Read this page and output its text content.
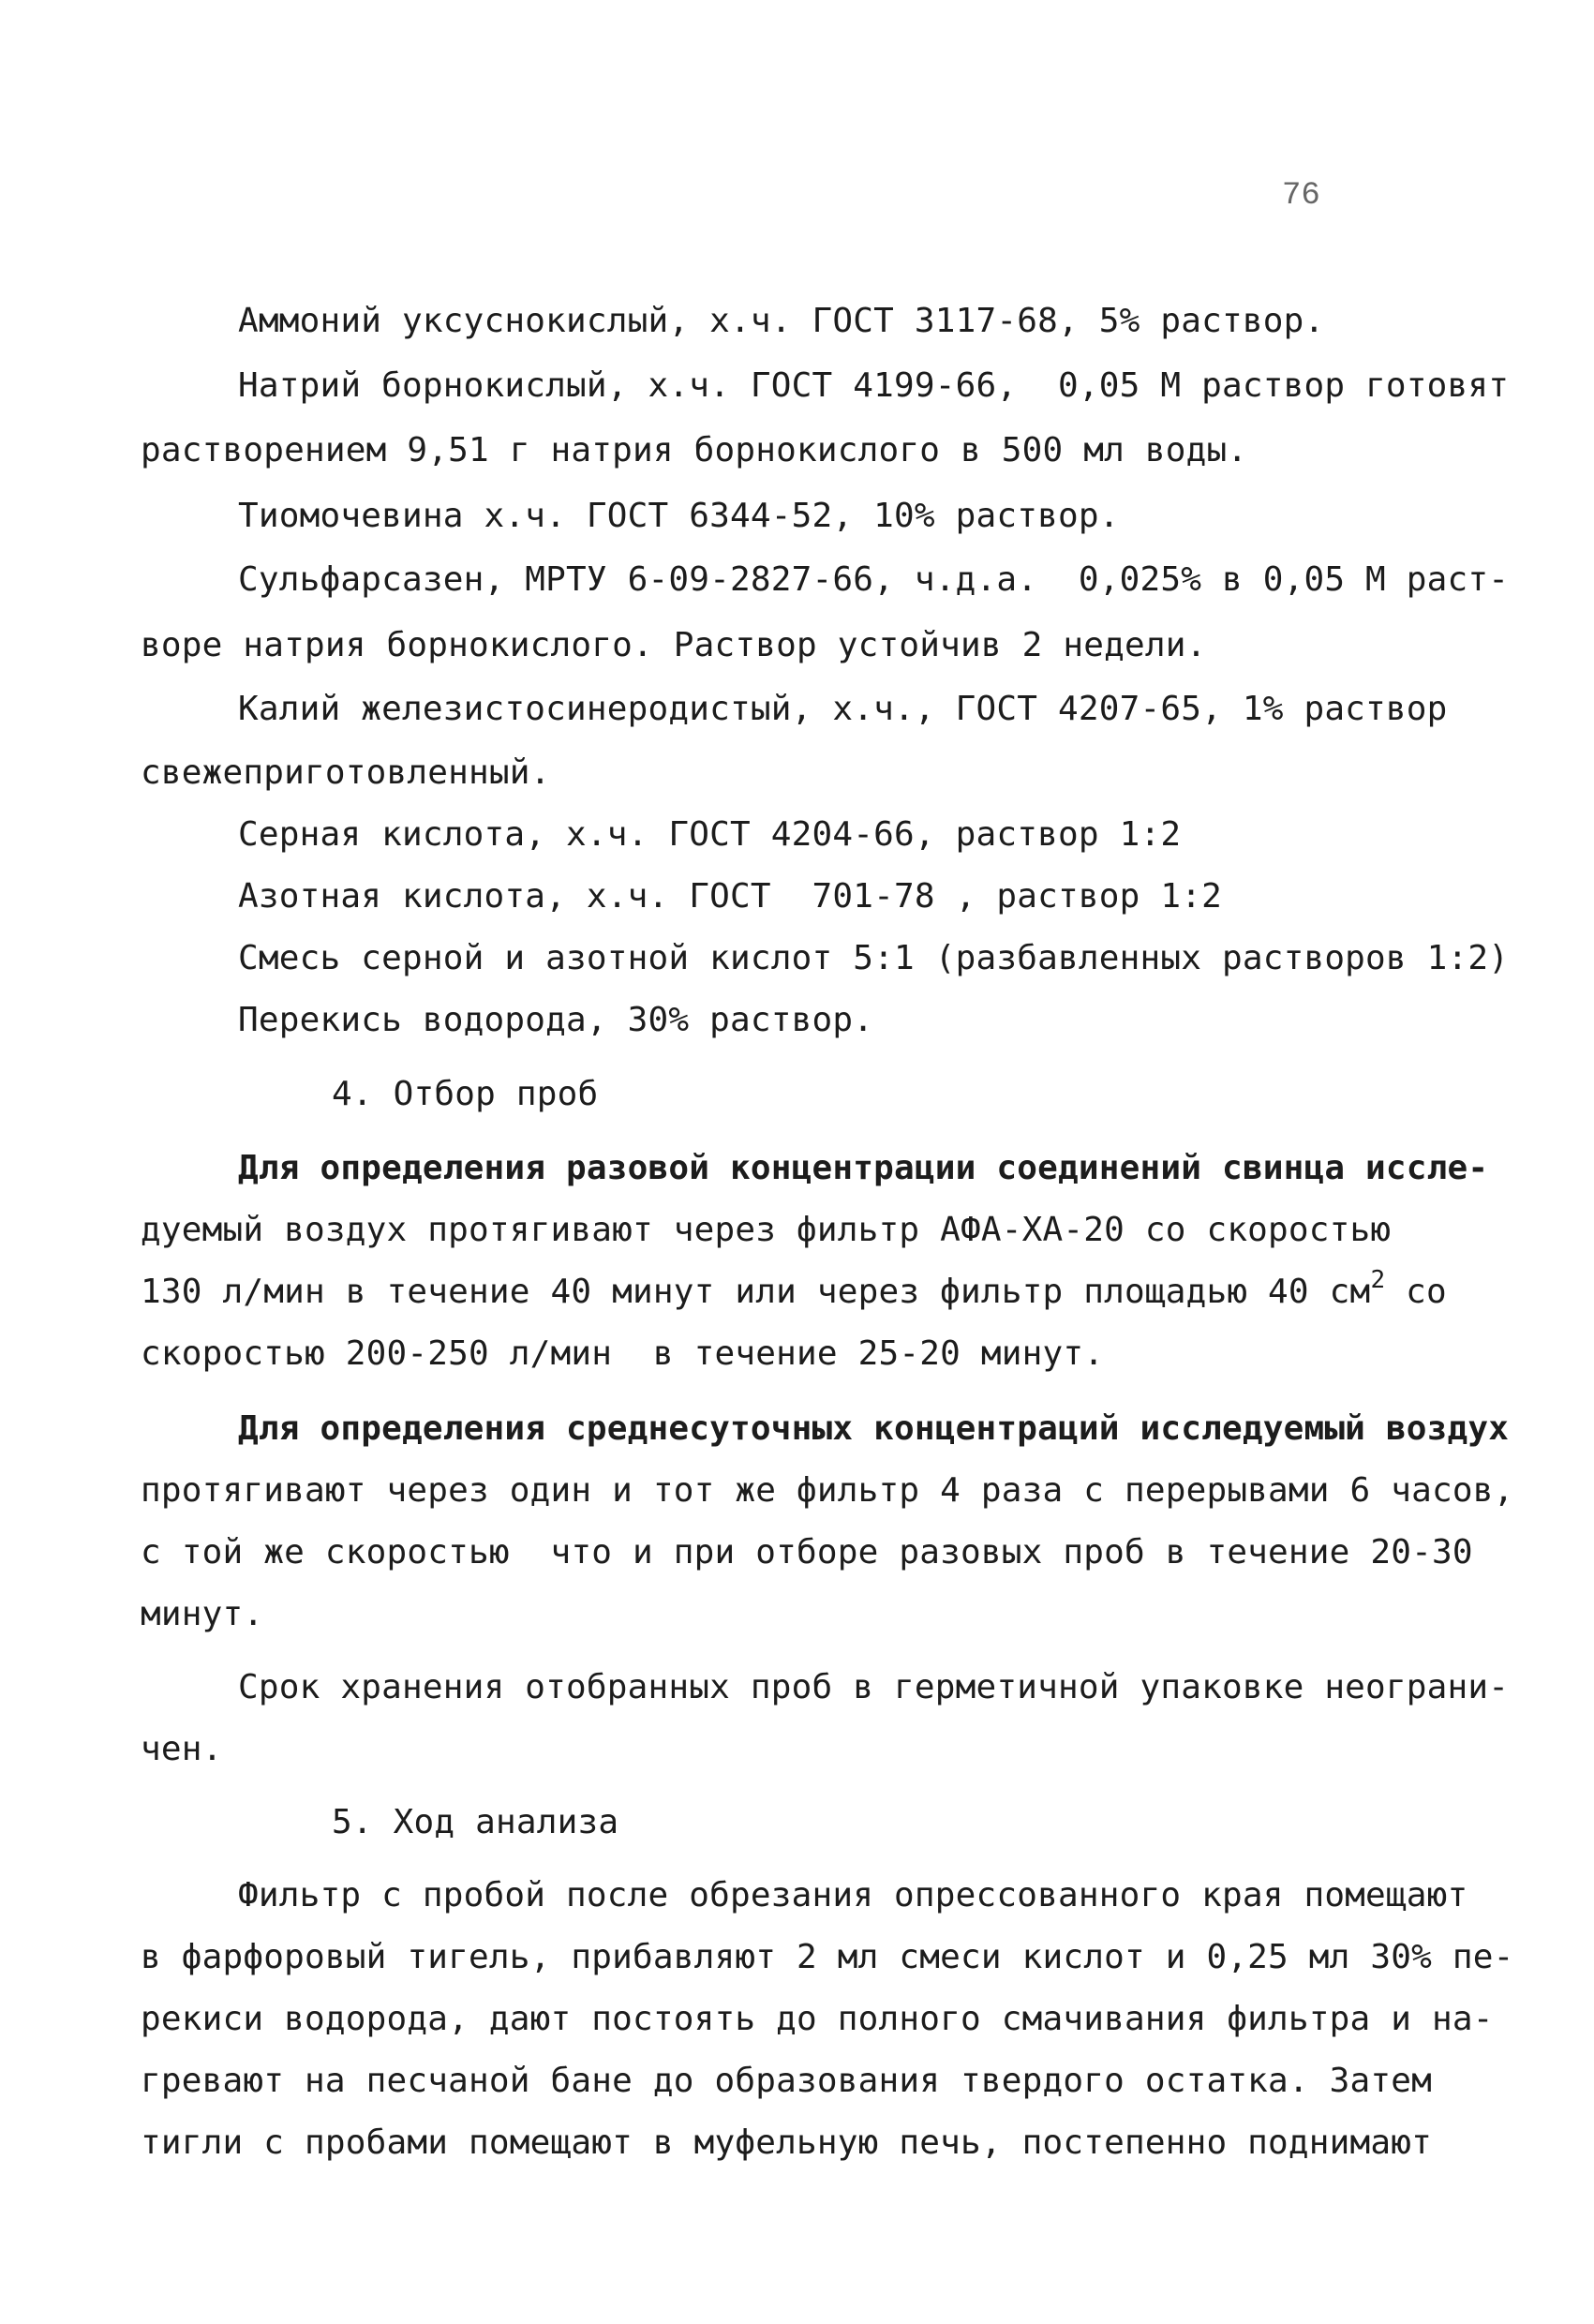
76
Аммоний уксуснокислый, х.ч. ГОСТ 3117-68, 5% раствор.
Натрий борнокислый, х.ч. ГОСТ 4199-66,  0,05 М раствор готовят
растворением 9,51 г натрия борнокислого в 500 мл воды.
Тиомочевина х.ч. ГОСТ 6344-52, 10% раствор.
Сульфарсазен, МРТУ 6-09-2827-66, ч.д.а.  0,025% в 0,05 М раст-
воре натрия борнокислого. Раствор устойчив 2 недели.
Калий железистосинеродистый, х.ч., ГОСТ 4207-65, 1% раствор
свежеприготовленный.
Серная кислота, х.ч. ГОСТ 4204-66, раствор 1:2
Азотная кислота, х.ч. ГОСТ  701-78 , раствор 1:2
Смесь серной и азотной кислот 5:1 (разбавленных растворов 1:2)
Перекись водорода, 30% раствор.
4. Отбор проб
Для определения разовой концентрации соединений свинца иссле-
дуемый воздух протягивают через фильтр АФА-ХА-20 со скоростью
130 л/мин в течение 40 минут или через фильтр площадью 40 $см^2$ со
скоростью 200-250 л/мин  в течение 25-20 минут.
Для определения среднесуточных концентраций исследуемый воздух
протягивают через один и тот же фильтр 4 раза с перерывами 6 часов,
с той же скоростью  что и при отборе разовых проб в течение 20-30
минут.
Срок хранения отобранных проб в герметичной упаковке неограни-
чен.
5. Ход анализа
Фильтр с пробой после обрезания опрессованного края помещают
в фарфоровый тигель, прибавляют 2 мл смеси кислот и 0,25 мл 30% пе-
рекиси водорода, дают постоять до полного смачивания фильтра и на-
гревают на песчаной бане до образования твердого остатка. Затем
тигли с пробами помещают в муфельную печь, постепенно поднимают
